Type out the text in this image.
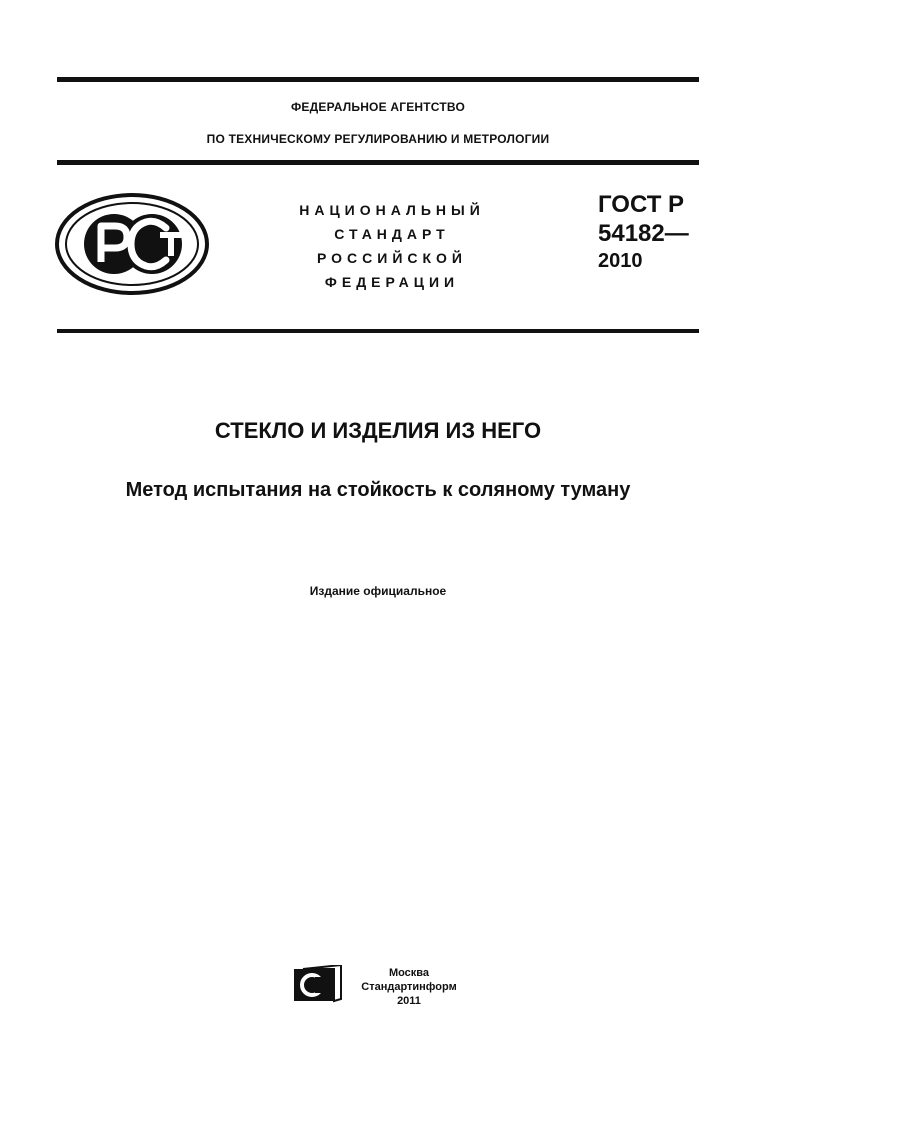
ФЕДЕРАЛЬНОЕ АГЕНТСТВО
ПО ТЕХНИЧЕСКОМУ РЕГУЛИРОВАНИЮ И МЕТРОЛОГИИ
НАЦИОНАЛЬНЫЙ
СТАНДАРТ
РОССИЙСКОЙ
ФЕДЕРАЦИИ
ГОСТ Р
54182—
2010
СТЕКЛО И ИЗДЕЛИЯ ИЗ НЕГО
Метод испытания на стойкость к соляному туману
Издание официальное
Москва
Стандартинформ
2011
